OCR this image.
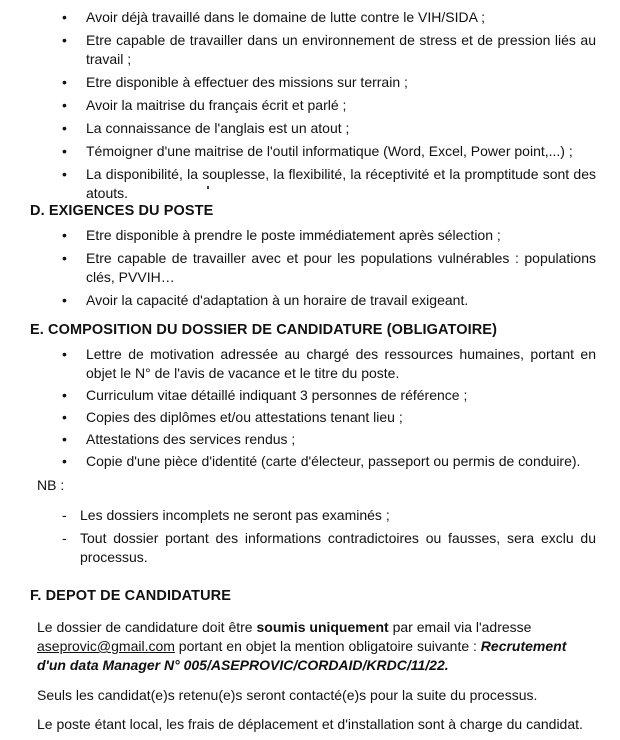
• Avoir déjà travaillé dans le domaine de lutte contre le VIH/SIDA ;
• Etre capable de travailler dans un environnement de stress et de pression liés au travail ;
• Etre disponible à effectuer des missions sur terrain ;
• Avoir la maitrise du français écrit et parlé ;
• La connaissance de l'anglais est un atout ;
• Témoigner d'une maitrise de l'outil informatique (Word, Excel, Power point,...) ;
• La disponibilité, la souplesse, la flexibilité, la réceptivité et la promptitude sont des atouts.
D. EXIGENCES DU POSTE
• Etre disponible à prendre le poste immédiatement après sélection ;
• Etre capable de travailler avec et pour les populations vulnérables : populations clés, PVVIH…
• Avoir la capacité d'adaptation à un horaire de travail exigeant.
E. COMPOSITION DU DOSSIER DE CANDIDATURE (OBLIGATOIRE)
• Lettre de motivation adressée au chargé des ressources humaines, portant en objet le N° de l'avis de vacance et le titre du poste.
• Curriculum vitae détaillé indiquant 3 personnes de référence ;
• Copies des diplômes et/ou attestations tenant lieu ;
• Attestations des services rendus ;
• Copie d'une pièce d'identité (carte d'électeur, passeport ou permis de conduire).
NB :
- Les dossiers incomplets ne seront pas examinés ;
- Tout dossier portant des informations contradictoires ou fausses, sera exclu du processus.
F. DEPOT DE CANDIDATURE
Le dossier de candidature doit être soumis uniquement par email via l'adresse aseprovic@gmail.com portant en objet la mention obligatoire suivante : Recrutement d'un data Manager N° 005/ASEPROVIC/CORDAID/KRDC/11/22.
Seuls les candidat(e)s retenu(e)s seront contacté(e)s pour la suite du processus.
Le poste étant local, les frais de déplacement et d'installation sont à charge du candidat.
